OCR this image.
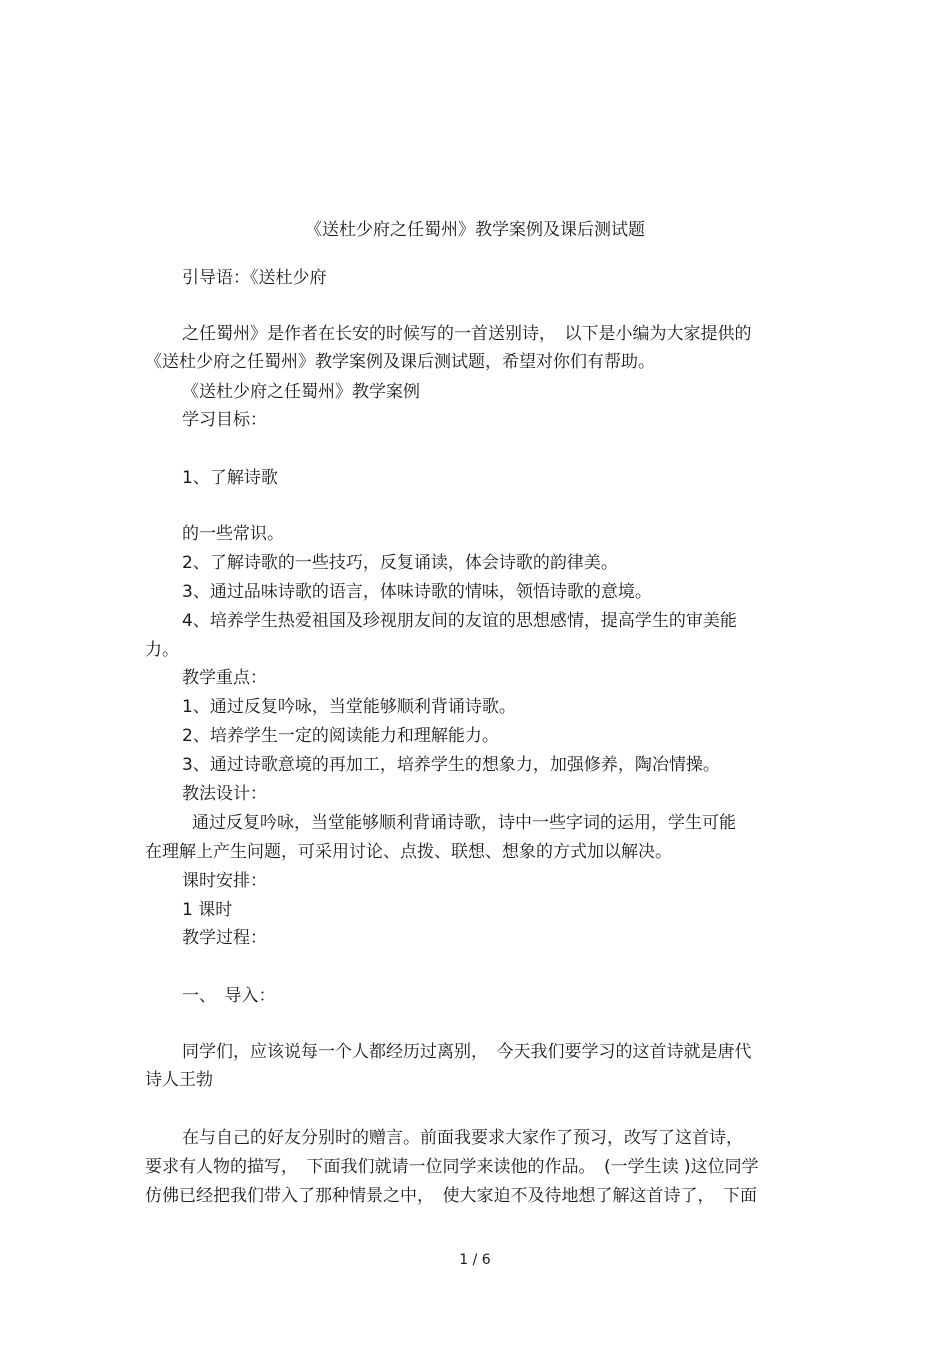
《送杜少府之任蜀州》教学案例及课后测试题
引导语：《送杜少府
之任蜀州》是作者在长安的时候写的一首送别诗，　以下是小编为大家提供的
《送杜少府之任蜀州》教学案例及课后测试题，希望对你们有帮助。
《送杜少府之任蜀州》教学案例
学习目标：
1、了解诗歌
的一些常识。
2、了解诗歌的一些技巧，反复诵读，体会诗歌的韵律美。
3、通过品味诗歌的语言，体味诗歌的情味，领悟诗歌的意境。
4、培养学生热爱祖国及珍视朋友间的友谊的思想感情，提高学生的审美能
力。
教学重点：
1、通过反复吟咏，当堂能够顺利背诵诗歌。
2、培养学生一定的阅读能力和理解能力。
3、通过诗歌意境的再加工，培养学生的想象力，加强修养，陶冶情操。
教法设计：
通过反复吟咏，当堂能够顺利背诵诗歌，诗中一些字词的运用，学生可能
在理解上产生问题，可采用讨论、点拨、联想、想象的方式加以解决。
课时安排：
1 课时
教学过程：
一、　导入：
同学们，应该说每一个人都经历过离别，　今天我们要学习的这首诗就是唐代
诗人王勃
在与自己的好友分别时的赠言。前面我要求大家作了预习，改写了这首诗，
要求有人物的描写，　下面我们就请一位同学来读他的作品。　(一学生读 )这位同学
仿佛已经把我们带入了那种情景之中，　使大家迫不及待地想了解这首诗了，　下面
1 / 6
